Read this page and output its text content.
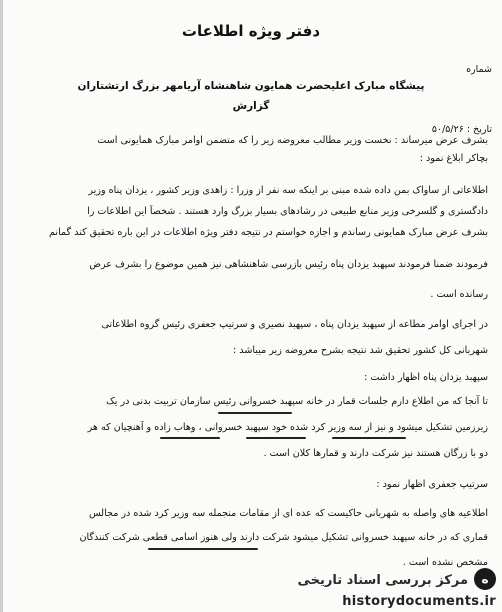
دفتر ویژه اطلاعات
شماره
تاریخ : ۵۰/۵/۲۶
پیشگاه مبارک اعلیحضرت همایون شاهنشاه آریامهر بزرگ ارتشتاران
گزارش
بشرف عرض میرساند : نخست وزیر مطالب معروضه زیر را که متضمن اوامر مبارک همایونی است
بچاکر ابلاغ نمود :
اطلاعاتی از ساواک بمن داده شده مبنی بر اینکه سه نفر از وزرا : زاهدی وزیر کشور ، یزدان پناه وزیر
دادگستری و گلسرخی وزیر منابع طبیعی در رشادهای بسیار بزرگ وارد هستند . شخصاً این اطلاعات را
بشرف عرض مبارک همایونی رساندم و اجازه خواستم در نتیجه دفتر ویژه اطلاعات در این باره تحقیق کند گمانم
فرمودند ضمنا فرمودند سپهبد یزدان پناه رئیس بازرسی شاهنشاهی نیز همین موضوع را بشرف عرض
رسانده است .
در اجرای اوامر مطاعه از سپهبد یزدان پناه ، سپهبد نصیری و سرتیپ جعفری رئیس گروه اطلاعاتی
شهربانی کل کشور تحقیق شد نتیجه بشرح معروضه زیر میباشد :
سپهبد یزدان پناه اظهار داشت :
تا آنجا که من اطلاع دارم جلسات قمار در خانه سپهبد خسروانی رئیس سازمان تربیت بدنی در یک
زیرزمین تشکیل میشود و نیز از سه وزیر کرد شده خود سپهبد خسروانی ، وهاب زاده و آهنچیان که هر
دو با زرگان هستند نیز شرکت دارند و قمارها کلان است .
سرتیپ جعفری اظهار نمود :
اطلاعیه های واصله به شهربانی حاکیست که عده ای از مقامات منجمله سه وزیر کرد شده در مجالس
قماری که در خانه سپهبد خسروانی تشکیل میشود شرکت دارند ولی هنوز اسامی قطعی شرکت کنندگان
مشخص نشده است .
ه
مرکز بررسی اسناد تاریخی
historydocuments.ir
